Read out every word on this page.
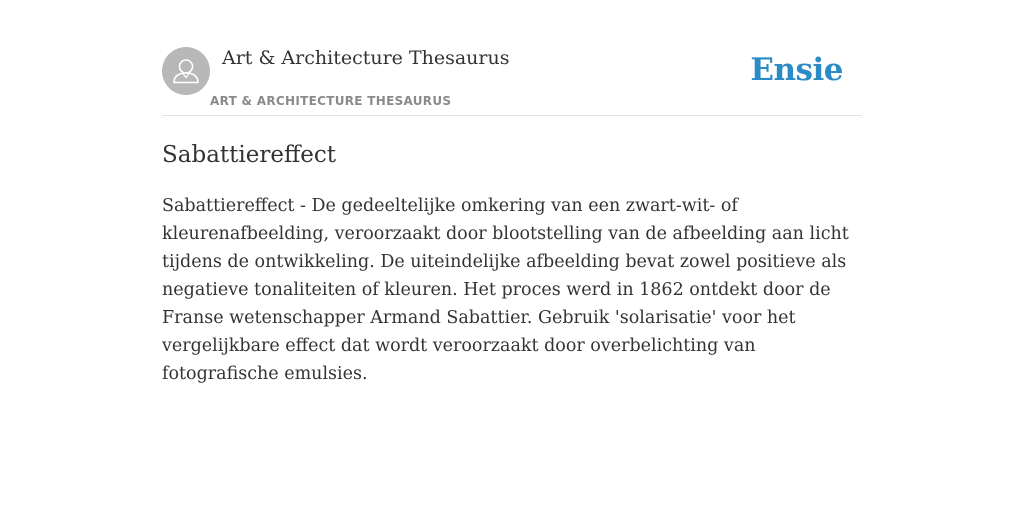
Art & Architecture Thesaurus
ART & ARCHITECTURE THESAURUS
Ensie
Sabattiereffect

Sabattiereffect - De gedeeltelijke omkering van een zwart-wit- of kleurenafbeelding, veroorzaakt door blootstelling van de afbeelding aan licht tijdens de ontwikkeling. De uiteindelijke afbeelding bevat zowel positieve als negatieve tonaliteiten of kleuren. Het proces werd in 1862 ontdekt door de Franse wetenschapper Armand Sabattier. Gebruik 'solarisatie' voor het vergelijkbare effect dat wordt veroorzaakt door overbelichting van fotografische emulsies.
